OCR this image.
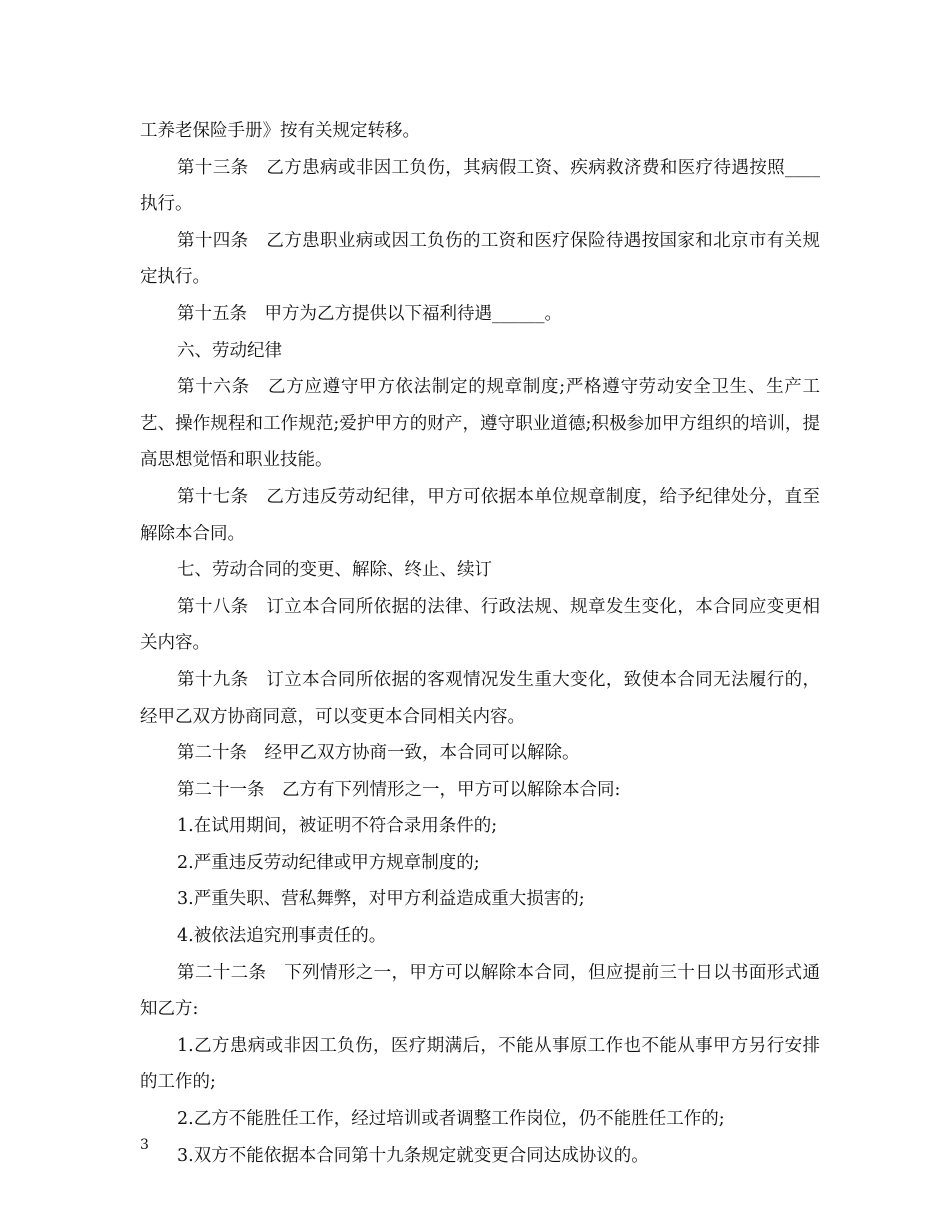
工养老保险手册》按有关规定转移。

第十三条　乙方患病或非因工负伤，其病假工资、疾病救济费和医疗待遇按照____执行。

第十四条　乙方患职业病或因工负伤的工资和医疗保险待遇按国家和北京市有关规定执行。

第十五条　甲方为乙方提供以下福利待遇______。

六、劳动纪律

第十六条　乙方应遵守甲方依法制定的规章制度;严格遵守劳动安全卫生、生产工艺、操作规程和工作规范;爱护甲方的财产，遵守职业道德;积极参加甲方组织的培训，提高思想觉悟和职业技能。

第十七条　乙方违反劳动纪律，甲方可依据本单位规章制度，给予纪律处分，直至解除本合同。

七、劳动合同的变更、解除、终止、续订

第十八条　订立本合同所依据的法律、行政法规、规章发生变化，本合同应变更相关内容。

第十九条　订立本合同所依据的客观情况发生重大变化，致使本合同无法履行的，经甲乙双方协商同意，可以变更本合同相关内容。

第二十条　经甲乙双方协商一致，本合同可以解除。

第二十一条　乙方有下列情形之一，甲方可以解除本合同:

1.在试用期间，被证明不符合录用条件的;

2.严重违反劳动纪律或甲方规章制度的;

3.严重失职、营私舞弊，对甲方利益造成重大损害的;

4.被依法追究刑事责任的。

第二十二条　下列情形之一，甲方可以解除本合同，但应提前三十日以书面形式通知乙方:

1.乙方患病或非因工负伤，医疗期满后，不能从事原工作也不能从事甲方另行安排的工作的;

2.乙方不能胜任工作，经过培训或者调整工作岗位，仍不能胜任工作的;

3.双方不能依据本合同第十九条规定就变更合同达成协议的。

3
